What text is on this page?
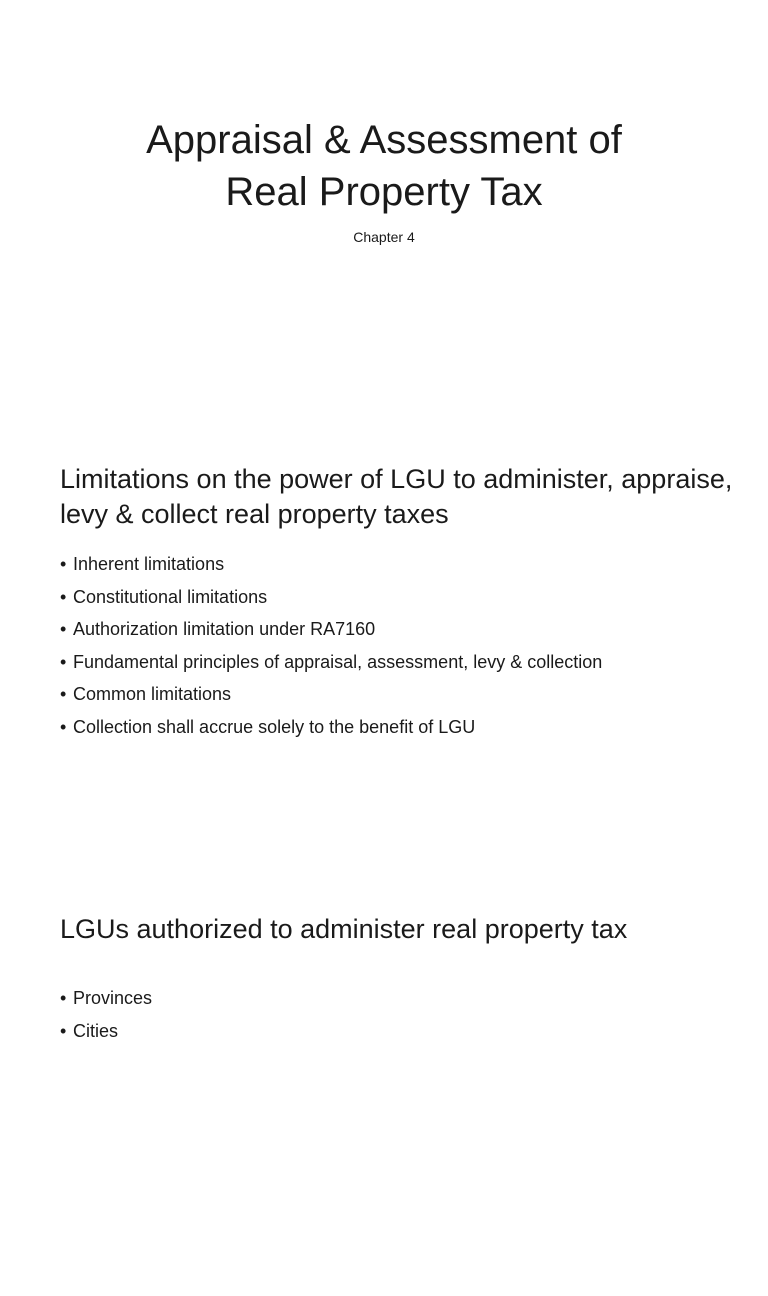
Appraisal & Assessment of
Real Property Tax

Chapter 4

Limitations on the power of LGU to administer, appraise, levy & collect real property taxes
• Inherent limitations
• Constitutional limitations
• Authorization limitation under RA7160
• Fundamental principles of appraisal, assessment, levy & collection
• Common limitations
• Collection shall accrue solely to the benefit of LGU
LGUs authorized to administer real property tax
• Provinces
• Cities
